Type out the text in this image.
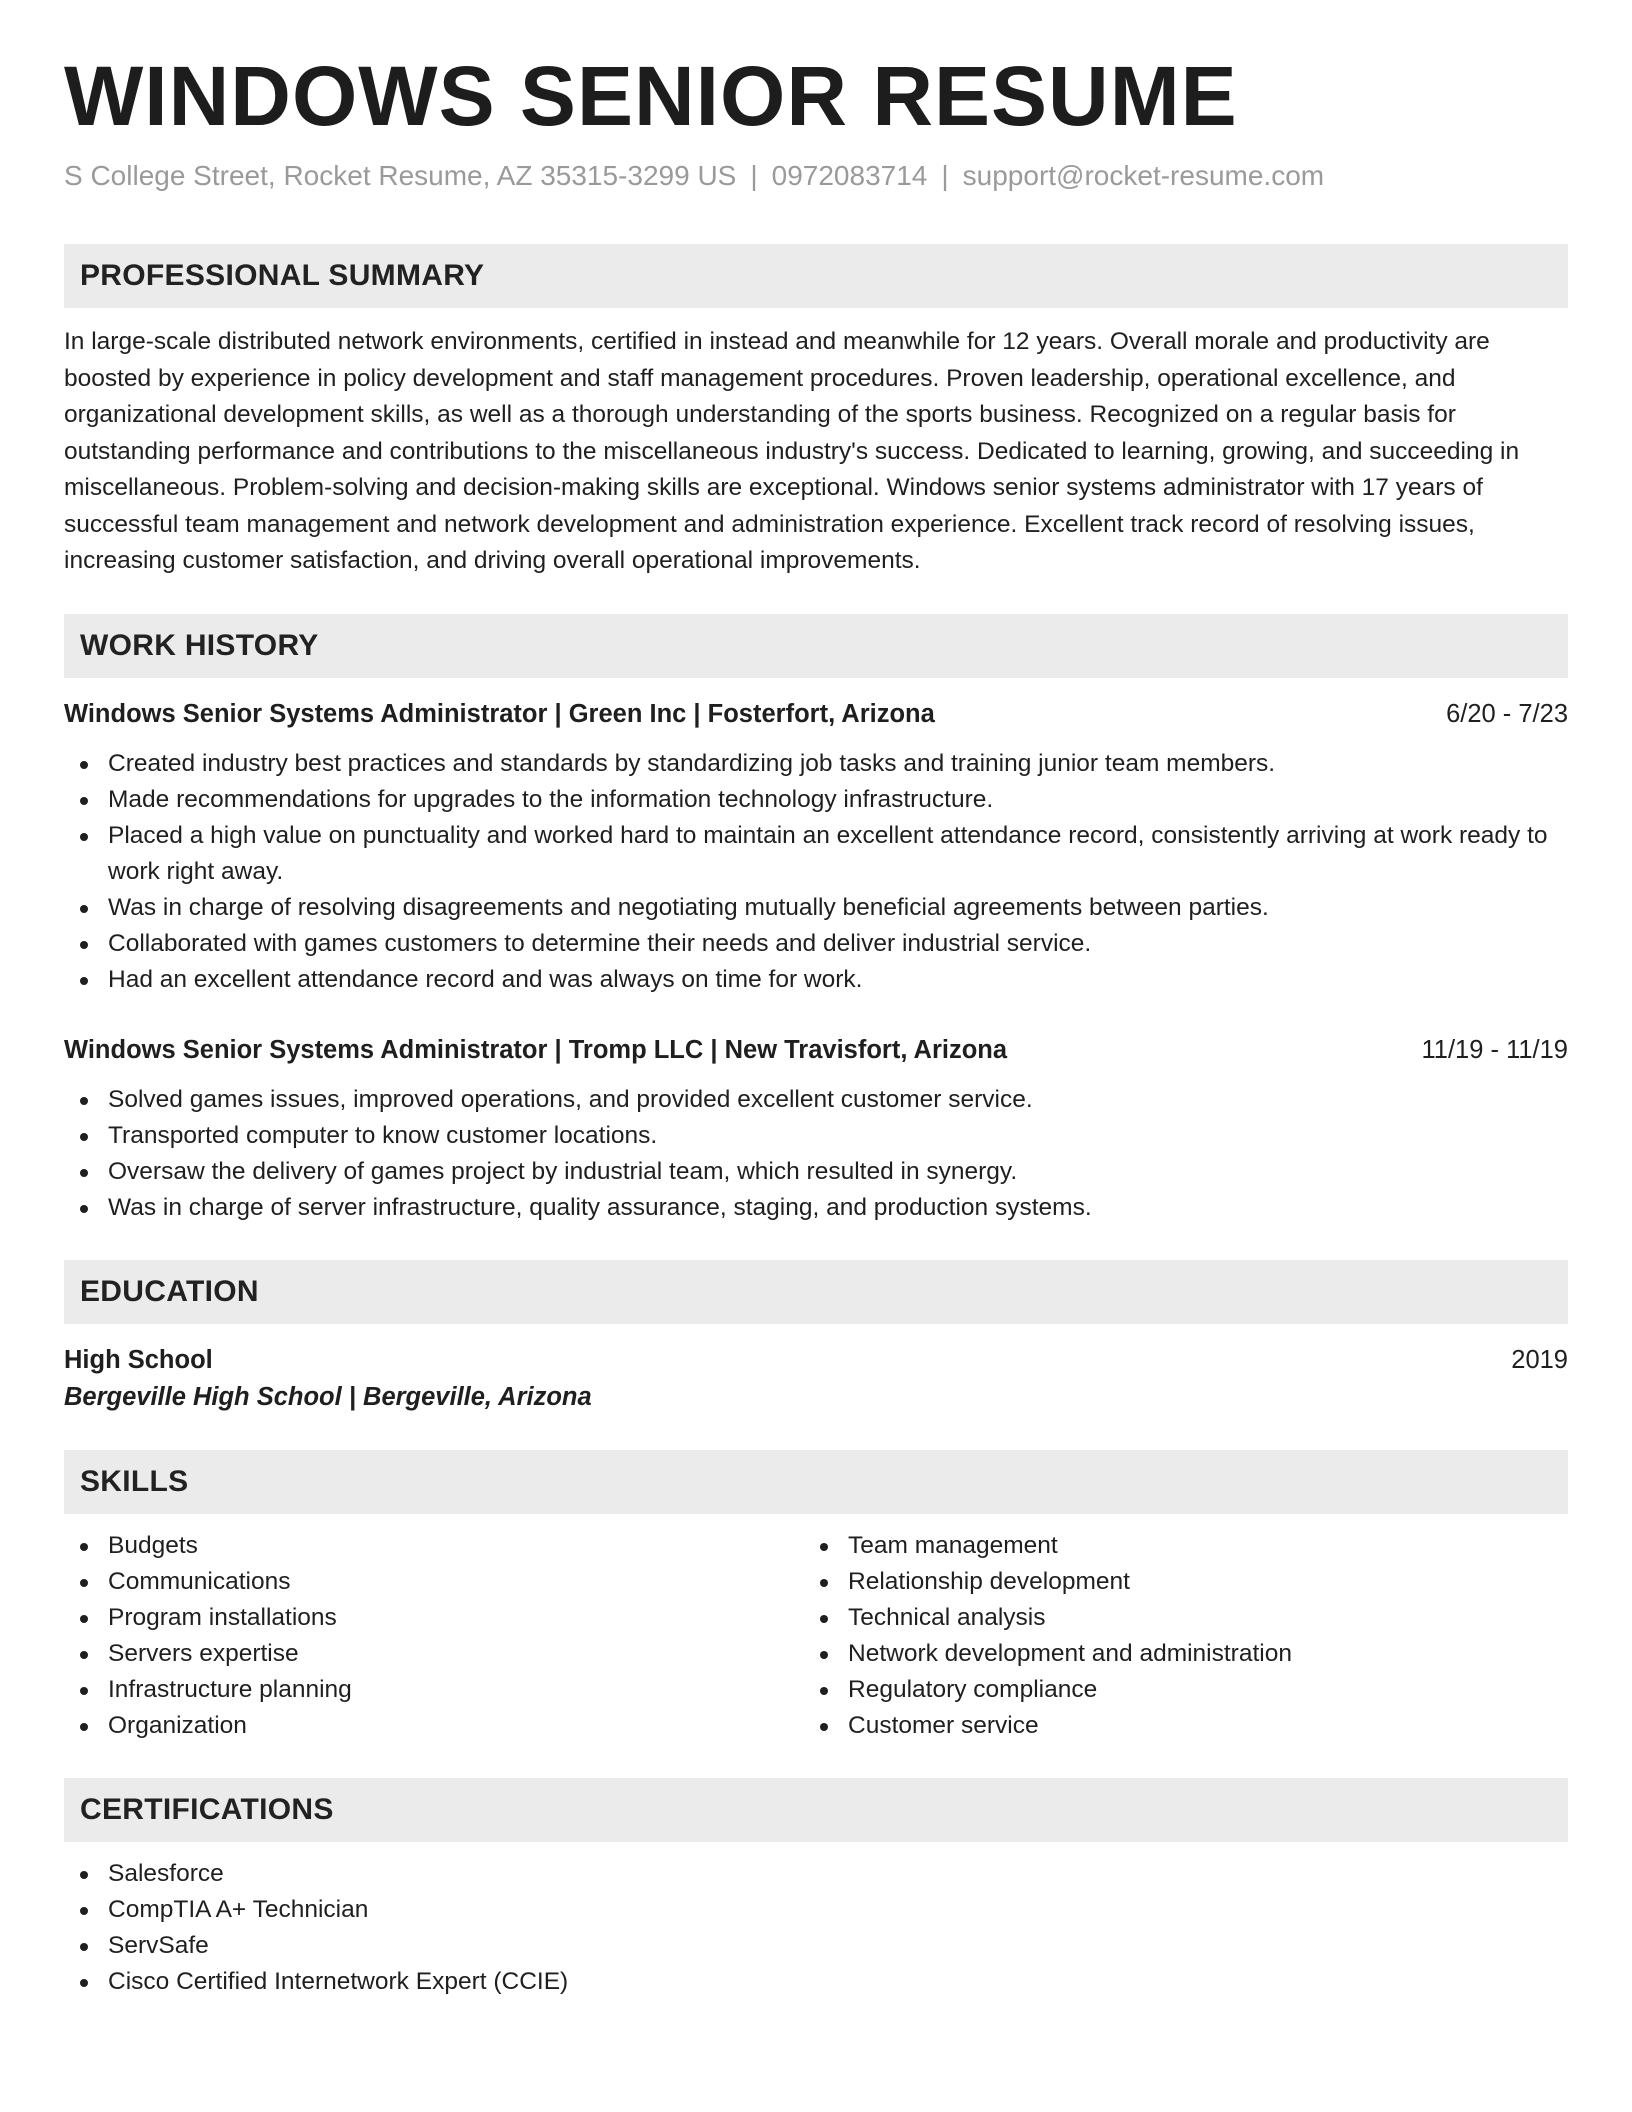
WINDOWS SENIOR RESUME
S College Street, Rocket Resume, AZ 35315-3299 US | 0972083714 | support@rocket-resume.com
PROFESSIONAL SUMMARY

In large-scale distributed network environments, certified in instead and meanwhile for 12 years. Overall morale and productivity are boosted by experience in policy development and staff management procedures. Proven leadership, operational excellence, and organizational development skills, as well as a thorough understanding of the sports business. Recognized on a regular basis for outstanding performance and contributions to the miscellaneous industry's success. Dedicated to learning, growing, and succeeding in miscellaneous. Problem-solving and decision-making skills are exceptional. Windows senior systems administrator with 17 years of successful team management and network development and administration experience. Excellent track record of resolving issues, increasing customer satisfaction, and driving overall operational improvements.

WORK HISTORY
Windows Senior Systems Administrator | Green Inc | Fosterfort, Arizona	6/20 - 7/23
Created industry best practices and standards by standardizing job tasks and training junior team members.
Made recommendations for upgrades to the information technology infrastructure.
Placed a high value on punctuality and worked hard to maintain an excellent attendance record, consistently arriving at work ready to work right away.
Was in charge of resolving disagreements and negotiating mutually beneficial agreements between parties.
Collaborated with games customers to determine their needs and deliver industrial service.
Had an excellent attendance record and was always on time for work.
Windows Senior Systems Administrator | Tromp LLC | New Travisfort, Arizona	11/19 - 11/19
Solved games issues, improved operations, and provided excellent customer service.
Transported computer to know customer locations.
Oversaw the delivery of games project by industrial team, which resulted in synergy.
Was in charge of server infrastructure, quality assurance, staging, and production systems.
EDUCATION
High School	2019
Bergeville High School | Bergeville, Arizona
SKILLS
Budgets
Communications
Program installations
Servers expertise
Infrastructure planning
Organization
Team management
Relationship development
Technical analysis
Network development and administration
Regulatory compliance
Customer service
CERTIFICATIONS
Salesforce
CompTIA A+ Technician
ServSafe
Cisco Certified Internetwork Expert (CCIE)
